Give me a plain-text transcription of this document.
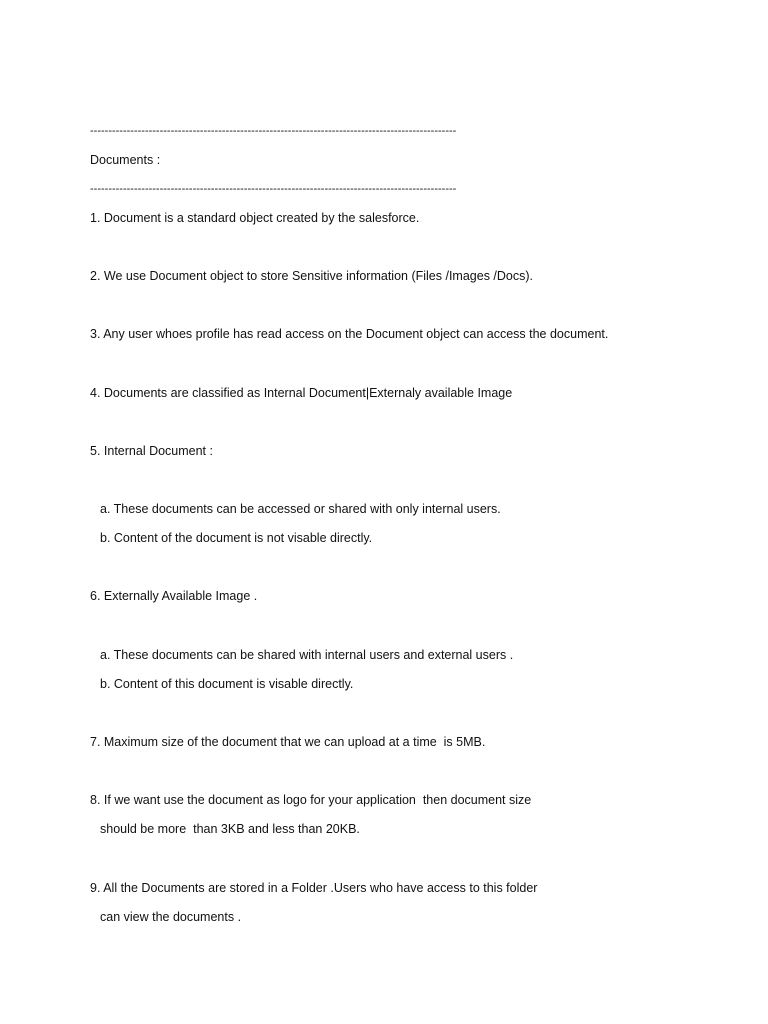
----------------------------------------------------------------------------------------------------
Documents :
----------------------------------------------------------------------------------------------------
1. Document is a standard object created by the salesforce.
2. We use Document object to store Sensitive information (Files /Images /Docs).
3. Any user whoes profile has read access on the Document object can access the document.
4. Documents are classified as Internal Document|Externaly available Image
5. Internal Document :
a. These documents can be accessed or shared with only internal users.
b. Content of the document is not visable directly.
6. Externally Available Image .
a. These documents can be shared with internal users and external users .
b. Content of this document is visable directly.
7. Maximum size of the document that we can upload at a time  is 5MB.
8. If we want use the document as logo for your application  then document size
should be more  than 3KB and less than 20KB.
9. All the Documents are stored in a Folder .Users who have access to this folder
can view the documents .
